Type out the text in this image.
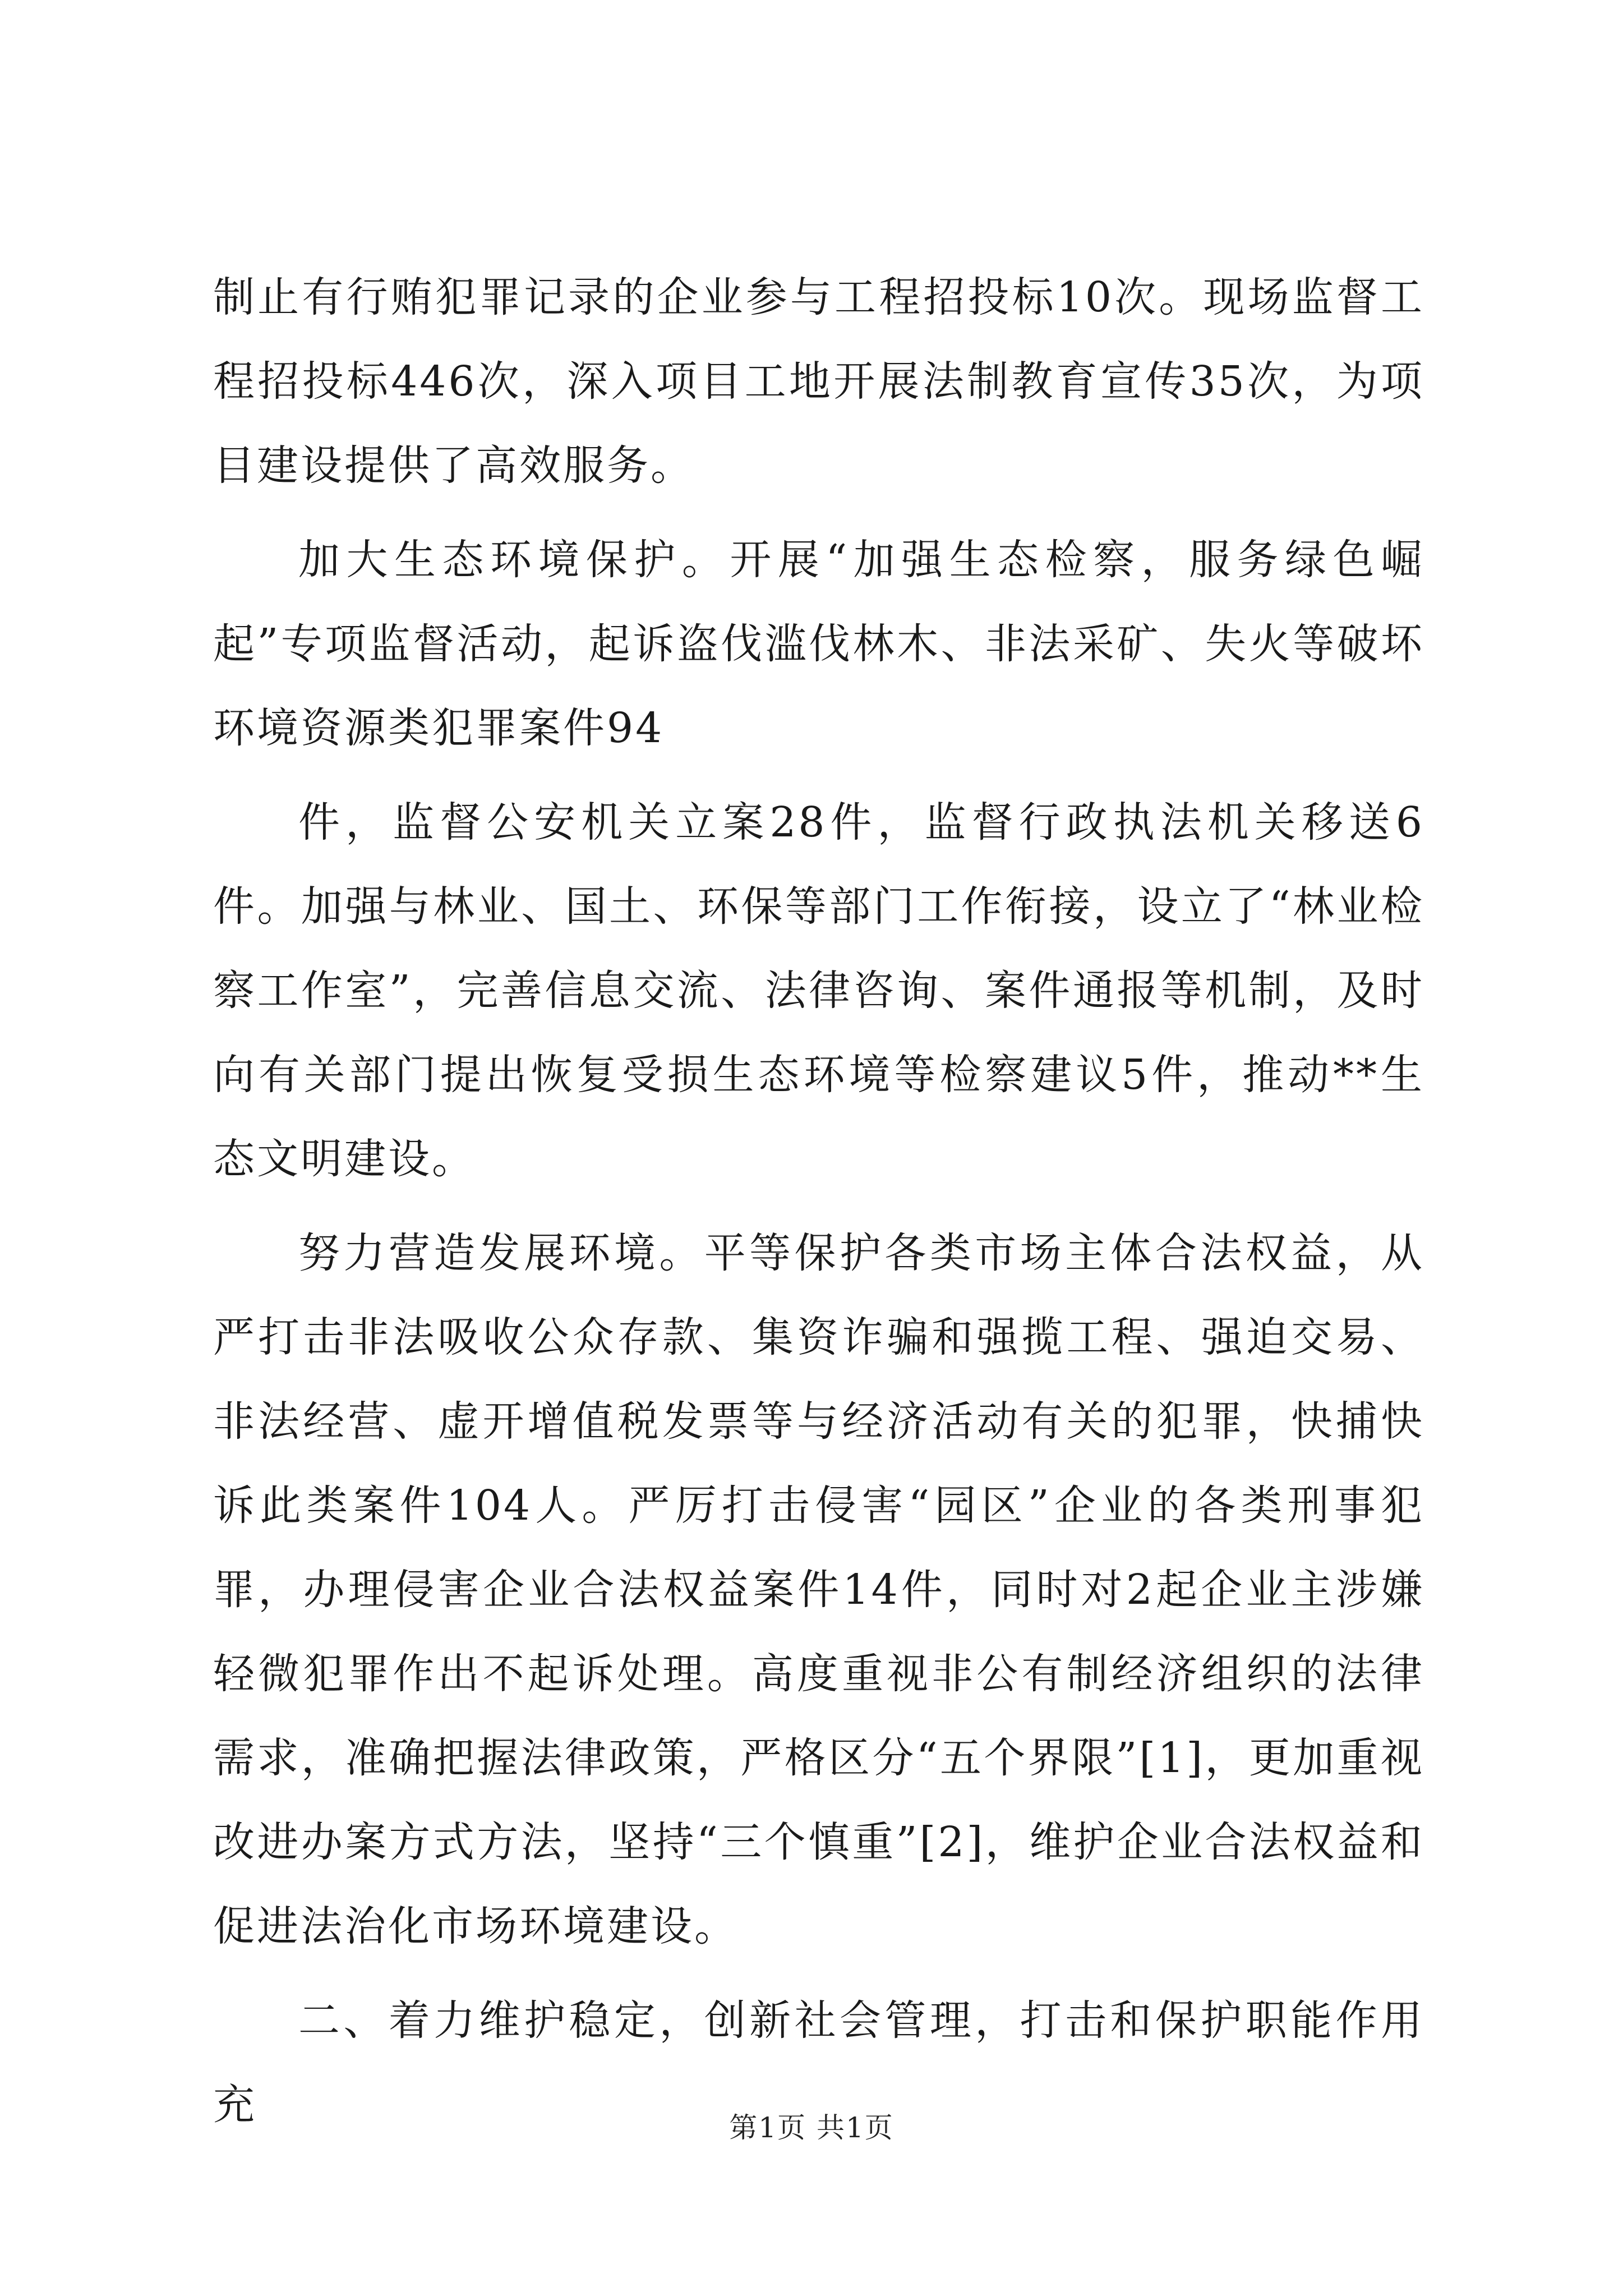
制止有行贿犯罪记录的企业参与工程招投标10次。现场监督工程招投标446次，深入项目工地开展法制教育宣传35次，为项目建设提供了高效服务。

加大生态环境保护。开展“加强生态检察，服务绿色崛起”专项监督活动，起诉盗伐滥伐林木、非法采矿、失火等破坏环境资源类犯罪案件94

件，监督公安机关立案28件，监督行政执法机关移送6件。加强与林业、国土、环保等部门工作衔接，设立了“林业检察工作室”，完善信息交流、法律咨询、案件通报等机制，及时向有关部门提出恢复受损生态环境等检察建议5件，推动**生态文明建设。

努力营造发展环境。平等保护各类市场主体合法权益，从严打击非法吸收公众存款、集资诈骗和强揽工程、强迫交易、非法经营、虚开增值税发票等与经济活动有关的犯罪，快捕快诉此类案件104人。严厉打击侵害“园区”企业的各类刑事犯罪，办理侵害企业合法权益案件14件，同时对2起企业主涉嫌轻微犯罪作出不起诉处理。高度重视非公有制经济组织的法律需求，准确把握法律政策，严格区分“五个界限”[1]，更加重视改进办案方式方法，坚持“三个慎重”[2]，维护企业合法权益和促进法治化市场环境建设。

二、着力维护稳定，创新社会管理，打击和保护职能作用充	第1页 共1页
